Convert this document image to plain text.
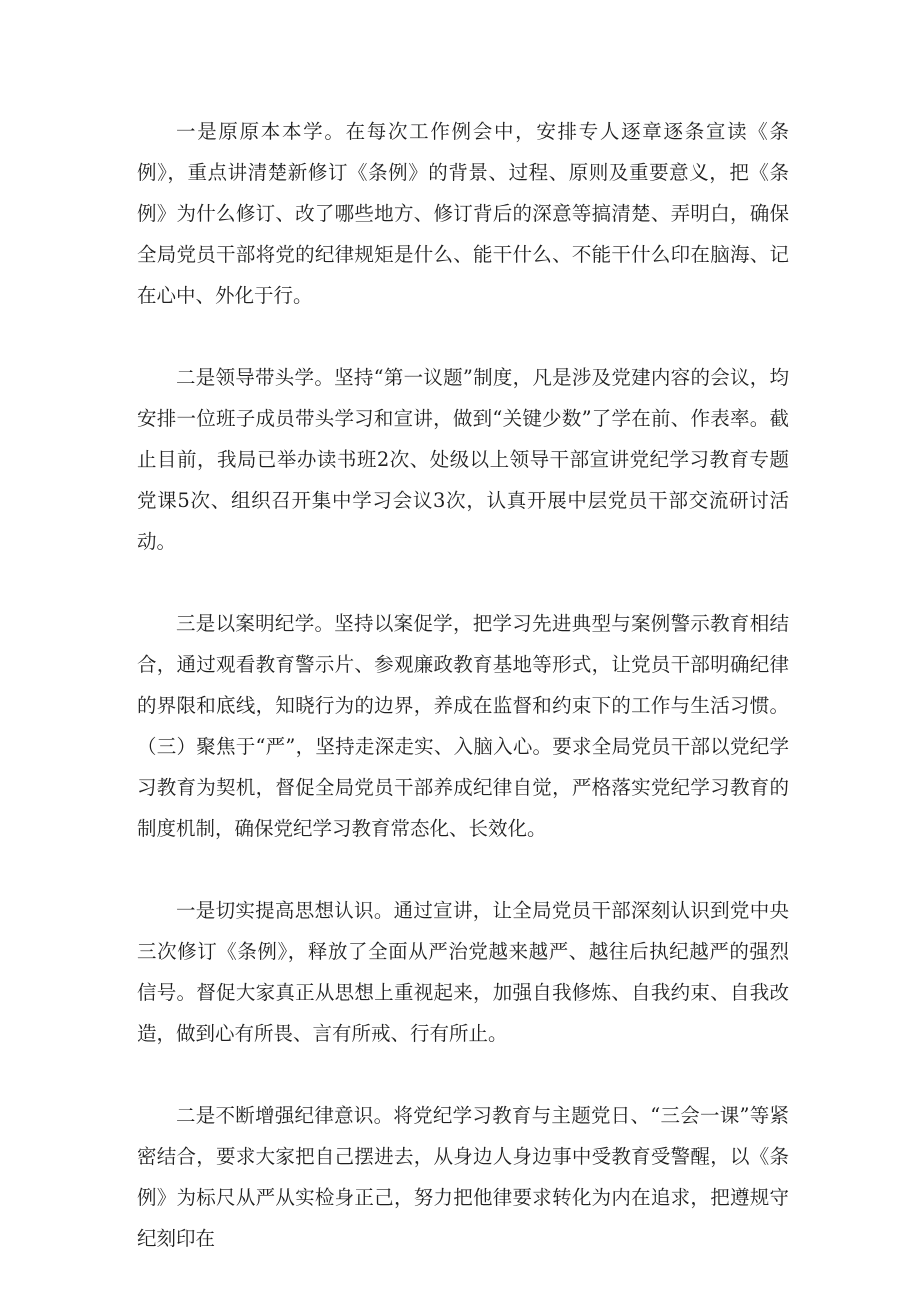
一是原原本本学。在每次工作例会中，安排专人逐章逐条宣读《条例》，重点讲清楚新修订《条例》的背景、过程、原则及重要意义，把《条例》为什么修订、改了哪些地方、修订背后的深意等搞清楚、弄明白，确保全局党员干部将党的纪律规矩是什么、能干什么、不能干什么印在脑海、记在心中、外化于行。

二是领导带头学。坚持“第一议题”制度，凡是涉及党建内容的会议，均安排一位班子成员带头学习和宣讲，做到“关键少数”了学在前、作表率。截止目前，我局已举办读书班2次、处级以上领导干部宣讲党纪学习教育专题党课5次、组织召开集中学习会议3次，认真开展中层党员干部交流研讨活动。

三是以案明纪学。坚持以案促学，把学习先进典型与案例警示教育相结合，通过观看教育警示片、参观廉政教育基地等形式，让党员干部明确纪律的界限和底线，知晓行为的边界，养成在监督和约束下的工作与生活习惯。（三）聚焦于“严”，坚持走深走实、入脑入心。要求全局党员干部以党纪学习教育为契机，督促全局党员干部养成纪律自觉，严格落实党纪学习教育的制度机制，确保党纪学习教育常态化、长效化。

一是切实提高思想认识。通过宣讲，让全局党员干部深刻认识到党中央三次修订《条例》，释放了全面从严治党越来越严、越往后执纪越严的强烈信号。督促大家真正从思想上重视起来，加强自我修炼、自我约束、自我改造，做到心有所畏、言有所戒、行有所止。

二是不断增强纪律意识。将党纪学习教育与主题党日、“三会一课”等紧密结合，要求大家把自己摆进去，从身边人身边事中受教育受警醒，以《条例》为标尺从严从实检身正己，努力把他律要求转化为内在追求，把遵规守纪刻印在
